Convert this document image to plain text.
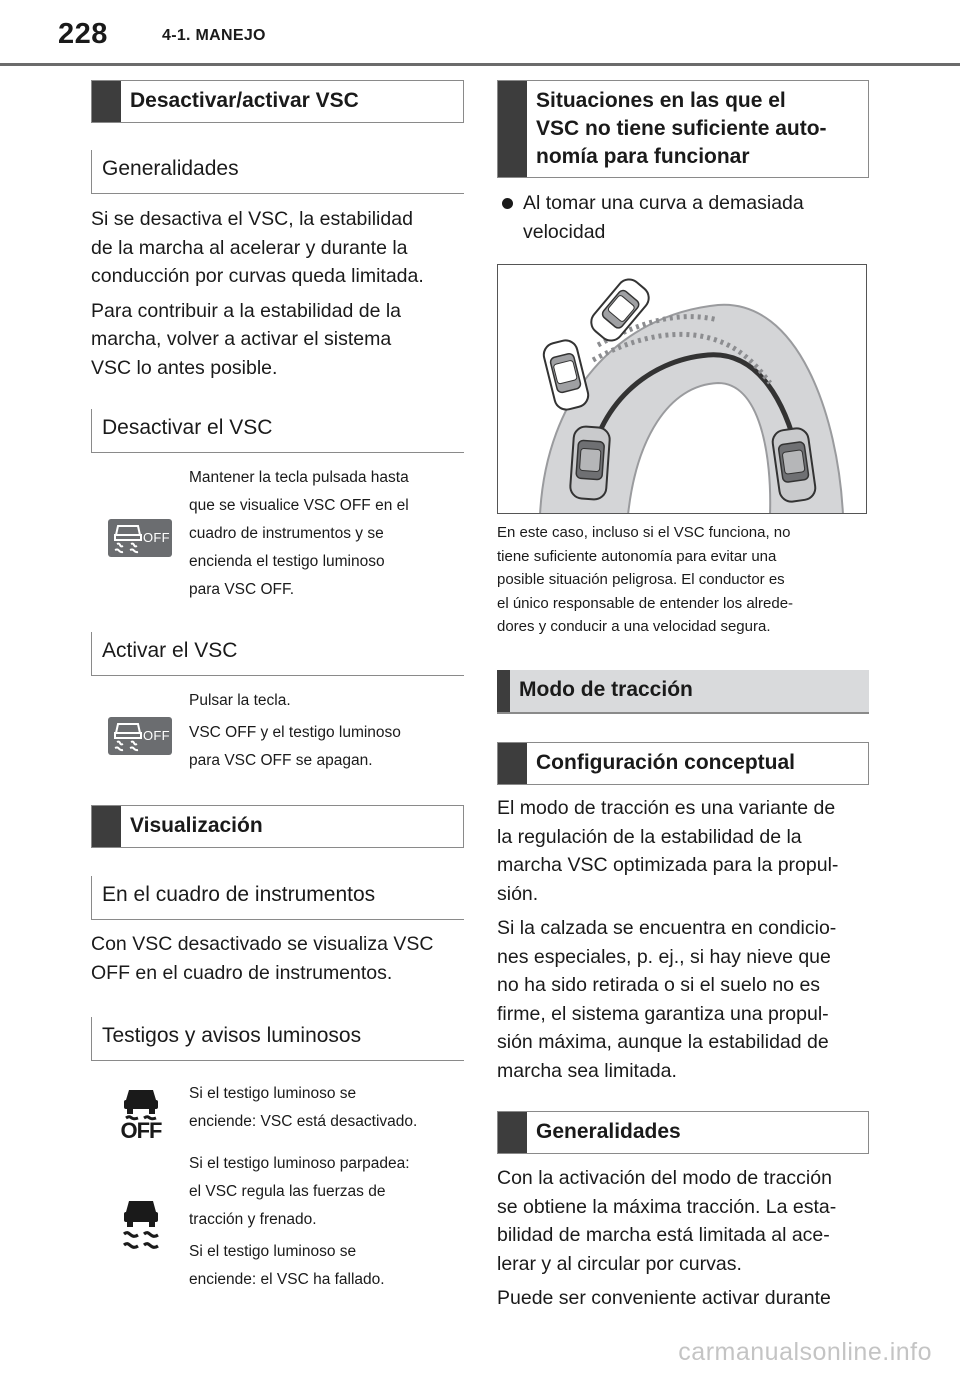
228	4-1. MANEJO
Desactivar/activar VSC
Generalidades
Si se desactiva el VSC, la estabilidad
de la marcha al acelerar y durante la
conducción por curvas queda limitada.
Para contribuir a la estabilidad de la
marcha, volver a activar el sistema
VSC lo antes posible.
Desactivar el VSC
OFF
Mantener la tecla pulsada hasta
que se visualice VSC OFF en el
cuadro de instrumentos y se
encienda el testigo luminoso
para VSC OFF.
Activar el VSC
OFF
Pulsar la tecla.
VSC OFF y el testigo luminoso
para VSC OFF se apagan.
Visualización
En el cuadro de instrumentos
Con VSC desactivado se visualiza VSC
OFF en el cuadro de instrumentos.
Testigos y avisos luminosos
OFF
Si el testigo luminoso se
enciende: VSC está desactivado.
Si el testigo luminoso parpadea:
el VSC regula las fuerzas de
tracción y frenado.
Si el testigo luminoso se
enciende: el VSC ha fallado.
Situaciones en las que el
VSC no tiene suficiente auto-
nomía para funcionar
Al tomar una curva a demasiada
velocidad
En este caso, incluso si el VSC funciona, no
tiene suficiente autonomía para evitar una
posible situación peligrosa. El conductor es
el único responsable de entender los alrede-
dores y conducir a una velocidad segura.
Modo de tracción
Configuración conceptual
El modo de tracción es una variante de
la regulación de la estabilidad de la
marcha VSC optimizada para la propul-
sión.
Si la calzada se encuentra en condicio-
nes especiales, p. ej., si hay nieve que
no ha sido retirada o si el suelo no es
firme, el sistema garantiza una propul-
sión máxima, aunque la estabilidad de
marcha sea limitada.
Generalidades
Con la activación del modo de tracción
se obtiene la máxima tracción. La esta-
bilidad de marcha está limitada al ace-
lerar y al circular por curvas.
Puede ser conveniente activar durante
carmanualsonline.info
